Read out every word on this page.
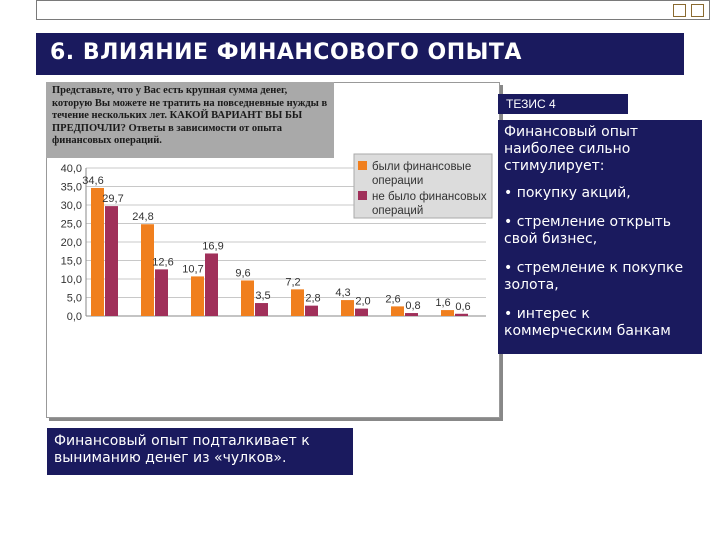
6. ВЛИЯНИЕ ФИНАНСОВОГО ОПЫТА
0,0
5,0
10,0
15,0
20,0
25,0
30,0
35,0
40,0
34,6
24,8
10,7	9,6
7,2
4,3
2,6	1,6
29,7
12,6
16,9
3,5	2,8	2,0	0,8	0,6
были финансовые
операции
не было финансовых
операций
Представьте, что у Вас есть крупная сумма денег, которую Вы можете не тратить на повседневные нужды в течение нескольких лет. КАКОЙ ВАРИАНТ ВЫ БЫ ПРЕДПОЧЛИ? Ответы в зависимости от опыта финансовых операций.
ТЕЗИС 4

Финансовый опыт наиболее сильно стимулирует:

• покупку акций,

• стремление открыть свой бизнес,

• стремление к покупке золота,

• интерес к коммерческим банкам

Финансовый опыт подталкивает к выниманию денег из «чулков».
